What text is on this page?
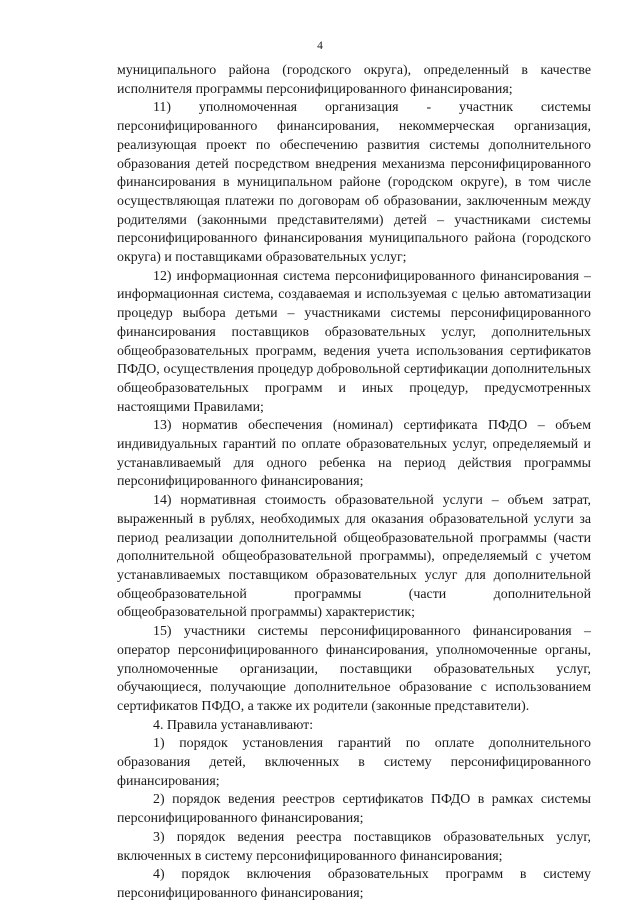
4

муниципального района (городского округа), определенный в качестве исполнителя программы персонифицированного финансирования;

11) уполномоченная организация - участник системы персонифицированного финансирования, некоммерческая организация, реализующая проект по обеспечению развития системы дополнительного образования детей посредством внедрения механизма персонифицированного финансирования в муниципальном районе (городском округе), в том числе осуществляющая платежи по договорам об образовании, заключенным между родителями (законными представителями) детей – участниками системы персонифицированного финансирования муниципального района (городского округа) и поставщиками образовательных услуг;

12) информационная система персонифицированного финансирования – информационная система, создаваемая и используемая с целью автоматизации процедур выбора детьми – участниками системы персонифицированного финансирования поставщиков образовательных услуг, дополнительных общеобразовательных программ, ведения учета использования сертификатов ПФДО, осуществления процедур добровольной сертификации дополнительных общеобразовательных программ и иных процедур, предусмотренных настоящими Правилами;

13) норматив обеспечения (номинал) сертификата ПФДО – объем индивидуальных гарантий по оплате образовательных услуг, определяемый и устанавливаемый для одного ребенка на период действия программы персонифицированного финансирования;

14) нормативная стоимость образовательной услуги – объем затрат, выраженный в рублях, необходимых для оказания образовательной услуги за период реализации дополнительной общеобразовательной программы (части дополнительной общеобразовательной программы), определяемый с учетом устанавливаемых поставщиком образовательных услуг для дополнительной общеобразовательной программы (части дополнительной общеобразовательной программы) характеристик;

15) участники системы персонифицированного финансирования – оператор персонифицированного финансирования, уполномоченные органы, уполномоченные организации, поставщики образовательных услуг, обучающиеся, получающие дополнительное образование с использованием сертификатов ПФДО, а также их родители (законные представители).

4. Правила устанавливают:

1) порядок установления гарантий по оплате дополнительного образования детей, включенных в систему персонифицированного финансирования;

2) порядок ведения реестров сертификатов ПФДО в рамках системы персонифицированного финансирования;

3) порядок ведения реестра поставщиков образовательных услуг, включенных в систему персонифицированного финансирования;

4) порядок включения образовательных программ в систему персонифицированного финансирования;
